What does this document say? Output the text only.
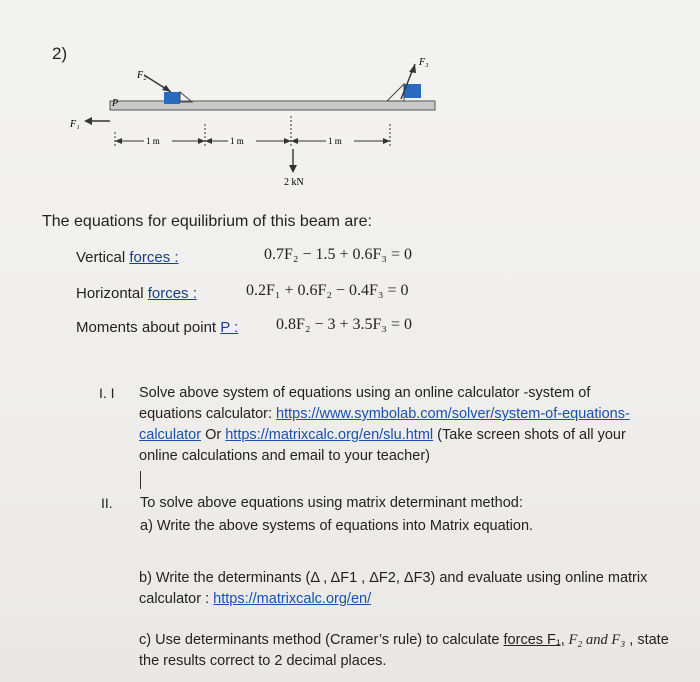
2)
P
F₁
F₂
F₃
1 m	1 m	1 m
2 kN
The equations for equilibrium of this beam are:
Vertical forces :	0.7F₂ − 1.5 + 0.6F₃ = 0
Horizontal forces :	0.2F₁ + 0.6F₂ − 0.4F₃ = 0
Moments about point P : 0.8F₂ − 3 + 3.5F₃ = 0
I. I Solve above system of equations using an online calculator -system of equations calculator: https://www.symbolab.com/solver/system-of-equations-calculator Or https://matrixcalc.org/en/slu.html (Take screen shots of all your online calculations and email to your teacher)
II. To solve above equations using matrix determinant method:
a) Write the above systems of equations into Matrix equation.
b) Write the determinants (Δ , ΔF1 , ΔF2, ΔF3) and evaluate using online matrix calculator : https://matrixcalc.org/en/
c) Use determinants method (Cramer’s rule) to calculate forces F₁, F₂ and F₃ , state the results correct to 2 decimal places.
